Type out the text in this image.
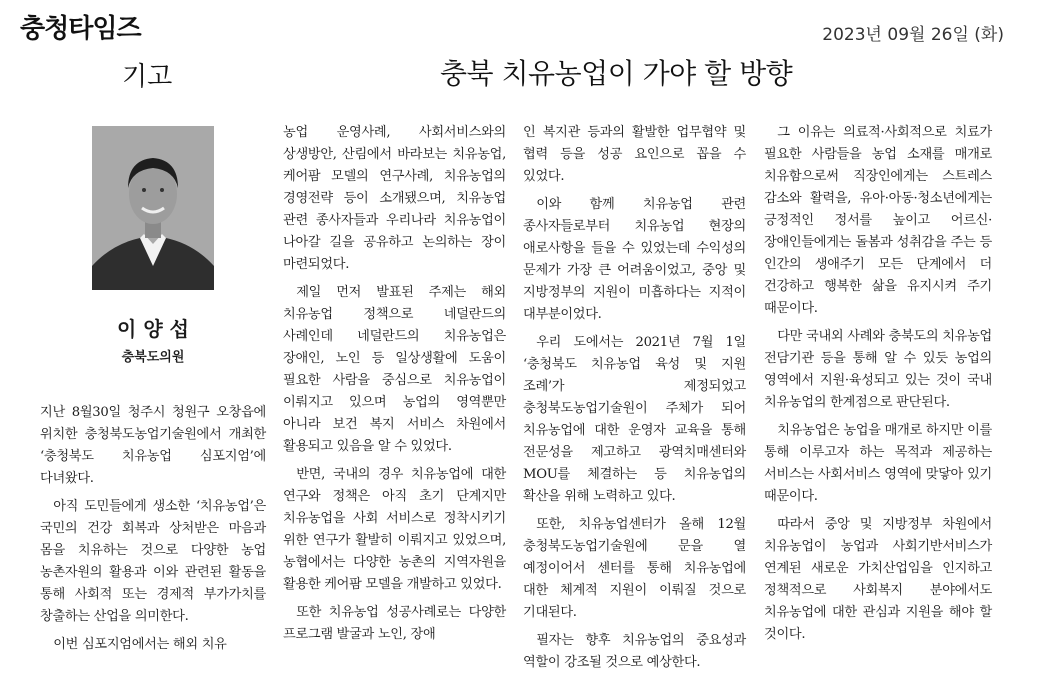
충청타임즈	2023년 09월 26일 (화)
기고	충북 치유농업이 가야 할 방향
이 양 섭
충북도의원

지난 8월30일 청주시 청원구 오창읍에 위치한 충청북도농업기술원에서 개최한 ‘충청북도 치유농업 심포지엄’에 다녀왔다.

아직 도민들에게 생소한 ‘치유농업’은 국민의 건강 회복과 상처받은 마음과 몸을 치유하는 것으로 다양한 농업 농촌자원의 활용과 이와 관련된 활동을 통해 사회적 또는 경제적 부가가치를 창출하는 산업을 의미한다.

이번 심포지엄에서는 해외 치유

농업 운영사례, 사회서비스와의 상생방안, 산림에서 바라보는 치유농업, 케어팜 모델의 연구사례, 치유농업의 경영전략 등이 소개됐으며, 치유농업 관련 종사자들과 우리나라 치유농업이 나아갈 길을 공유하고 논의하는 장이 마련되었다.

제일 먼저 발표된 주제는 해외 치유농업 정책으로 네덜란드의 사례인데 네덜란드의 치유농업은 장애인, 노인 등 일상생활에 도움이 필요한 사람을 중심으로 치유농업이 이뤄지고 있으며 농업의 영역뿐만 아니라 보건 복지 서비스 차원에서 활용되고 있음을 알 수 있었다.

반면, 국내의 경우 치유농업에 대한 연구와 정책은 아직 초기 단계지만 치유농업을 사회 서비스로 정착시키기 위한 연구가 활발히 이뤄지고 있었으며, 농협에서는 다양한 농촌의 지역자원을 활용한 케어팜 모델을 개발하고 있었다.

또한 치유농업 성공사례로는 다양한 프로그램 발굴과 노인, 장애

인 복지관 등과의 활발한 업무협약 및 협력 등을 성공 요인으로 꼽을 수 있었다.

이와 함께 치유농업 관련 종사자들로부터 치유농업 현장의 애로사항을 들을 수 있었는데 수익성의 문제가 가장 큰 어려움이었고, 중앙 및 지방정부의 지원이 미흡하다는 지적이 대부분이었다.

우리 도에서는 2021년 7월 1일 ‘충청북도 치유농업 육성 및 지원 조례’가 제정되었고 충청북도농업기술원이 주체가 되어 치유농업에 대한 운영자 교육을 통해 전문성을 제고하고 광역치매센터와 MOU를 체결하는 등 치유농업의 확산을 위해 노력하고 있다.

또한, 치유농업센터가 올해 12월 충청북도농업기술원에 문을 열 예정이어서 센터를 통해 치유농업에 대한 체계적 지원이 이뤄질 것으로 기대된다.

필자는 향후 치유농업의 중요성과 역할이 강조될 것으로 예상한다.

그 이유는 의료적·사회적으로 치료가 필요한 사람들을 농업 소재를 매개로 치유함으로써 직장인에게는 스트레스 감소와 활력을, 유아·아동·청소년에게는 긍정적인 정서를 높이고 어르신·장애인들에게는 돌봄과 성취감을 주는 등 인간의 생애주기 모든 단계에서 더 건강하고 행복한 삶을 유지시켜 주기 때문이다.

다만 국내외 사례와 충북도의 치유농업 전담기관 등을 통해 알 수 있듯 농업의 영역에서 지원·육성되고 있는 것이 국내 치유농업의 한계점으로 판단된다.

치유농업은 농업을 매개로 하지만 이를 통해 이루고자 하는 목적과 제공하는 서비스는 사회서비스 영역에 맞닿아 있기 때문이다.

따라서 중앙 및 지방정부 차원에서 치유농업이 농업과 사회기반서비스가 연계된 새로운 가치산업임을 인지하고 정책적으로 사회복지 분야에서도 치유농업에 대한 관심과 지원을 해야 할 것이다.
